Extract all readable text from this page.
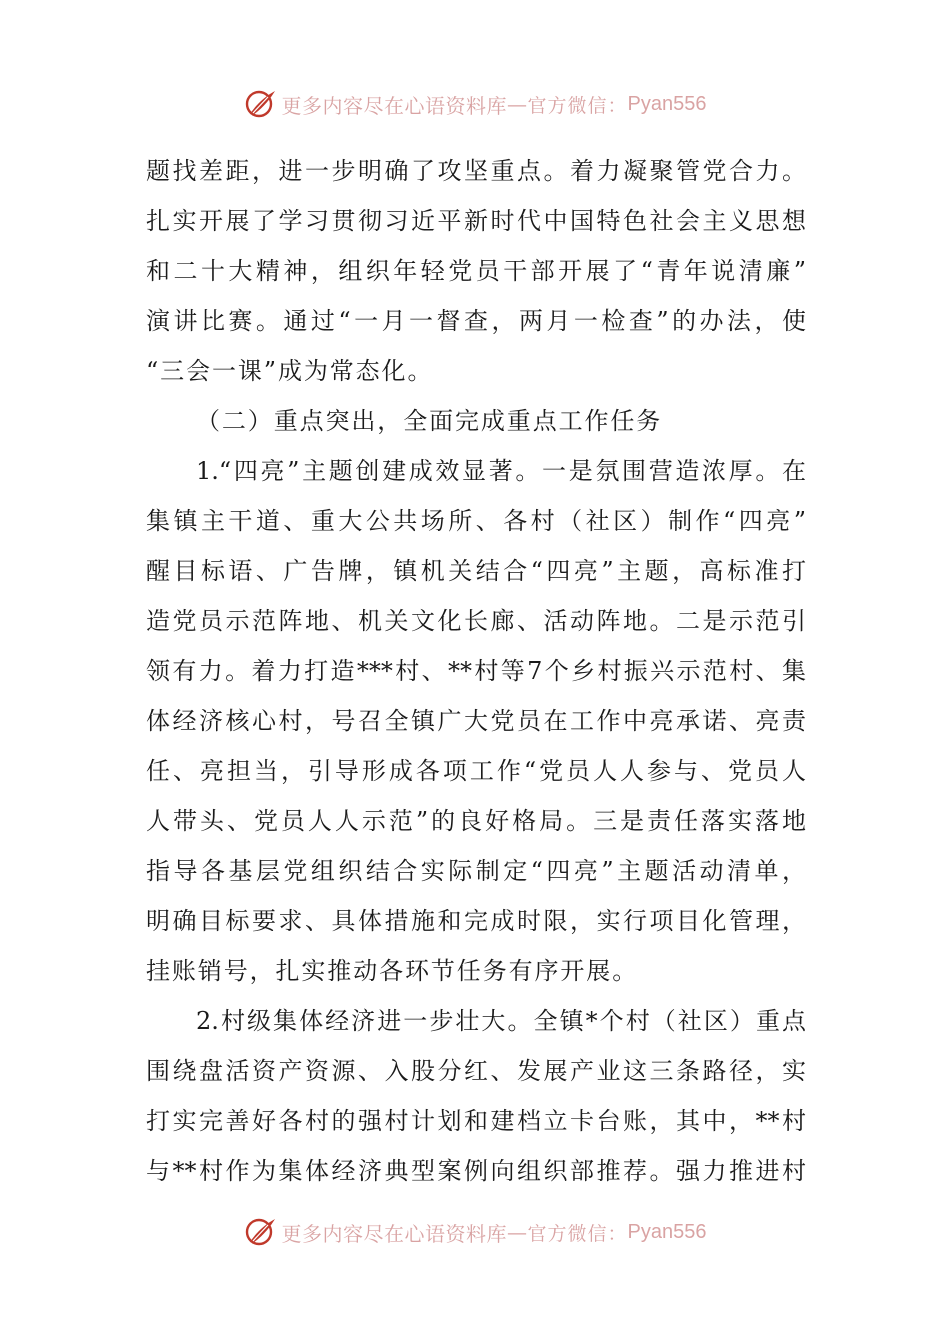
更多内容尽在心语资料库 — 官方微信： Pyan556
题找差距，进一步明确了攻坚重点。着力凝聚管党合力。
扎实开展了学习贯彻习近平新时代中国特色社会主义思想
和二十大精神，组织年轻党员干部开展了“青年说清廉”
演讲比赛。通过“一月一督查，两月一检查”的办法，使
“三会一课”成为常态化。
（二）重点突出，全面完成重点工作任务
1.“四亮”主题创建成效显著。一是氛围营造浓厚。在
集镇主干道、重大公共场所、各村（社区）制作“四亮”
醒目标语、广告牌，镇机关结合“四亮”主题，高标准打
造党员示范阵地、机关文化长廊、活动阵地。二是示范引
领有力。着力打造***村、**村等7个乡村振兴示范村、集
体经济核心村，号召全镇广大党员在工作中亮承诺、亮责
任、亮担当，引导形成各项工作“党员人人参与、党员人
人带头、党员人人示范”的良好格局。三是责任落实落地
指导各基层党组织结合实际制定“四亮”主题活动清单，
明确目标要求、具体措施和完成时限，实行项目化管理，
挂账销号，扎实推动各环节任务有序开展。
2.村级集体经济进一步壮大。全镇*个村（社区）重点
围绕盘活资产资源、入股分红、发展产业这三条路径，实
打实完善好各村的强村计划和建档立卡台账，其中，**村
与**村作为集体经济典型案例向组织部推荐。强力推进村
更多内容尽在心语资料库 — 官方微信： Pyan556
